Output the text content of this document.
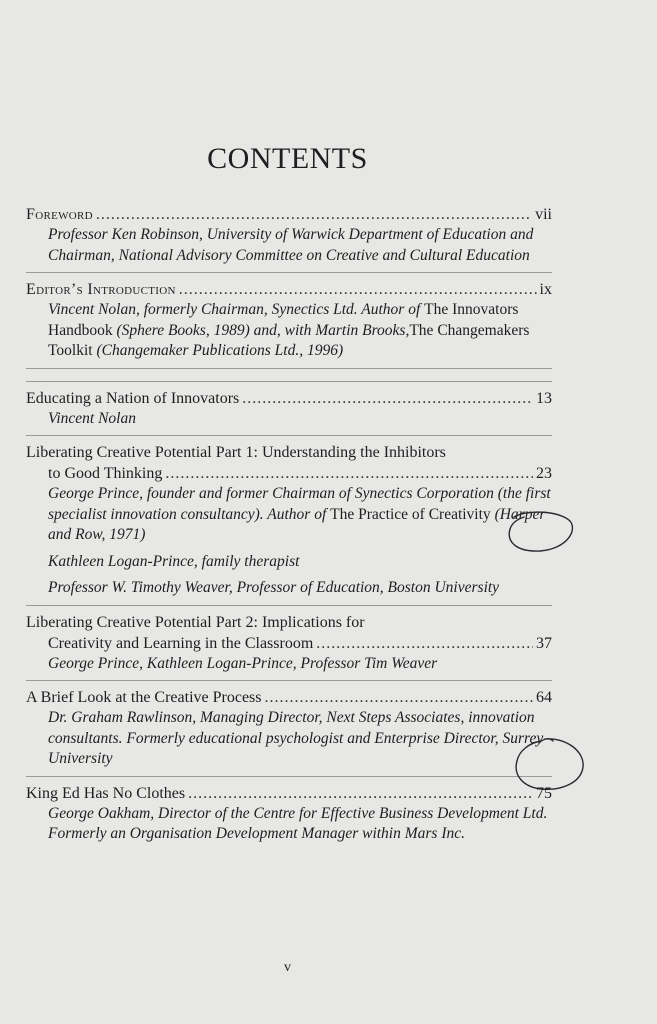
CONTENTS
Foreword .....	vii
Professor Ken Robinson, University of Warwick Department of Education and Chairman, National Advisory Committee on Creative and Cultural Education
Editor’s Introduction .....	ix
Vincent Nolan, formerly Chairman, Synectics Ltd. Author of The Innovators Handbook (Sphere Books, 1989) and, with Martin Brooks,The Changemakers Toolkit (Changemaker Publications Ltd., 1996)
Educating a Nation of Innovators .....	13
Vincent Nolan
Liberating Creative Potential Part 1: Understanding the Inhibitors
to Good Thinking .....	23
George Prince, founder and former Chairman of Synectics Corporation (the first specialist innovation consultancy). Author of The Practice of Creativity (Harper and Row, 1971)
Kathleen Logan-Prince, family therapist
Professor W. Timothy Weaver, Professor of Education, Boston University
Liberating Creative Potential Part 2: Implications for
Creativity and Learning in the Classroom .....	37
George Prince, Kathleen Logan-Prince, Professor Tim Weaver
A Brief Look at the Creative Process .....	64
Dr. Graham Rawlinson, Managing Director, Next Steps Associates, innovation consultants. Formerly educational psychologist and Enterprise Director, Surrey University
King Ed Has No Clothes .....	75
George Oakham, Director of the Centre for Effective Business Development Ltd. Formerly an Organisation Development Manager within Mars Inc.
v
